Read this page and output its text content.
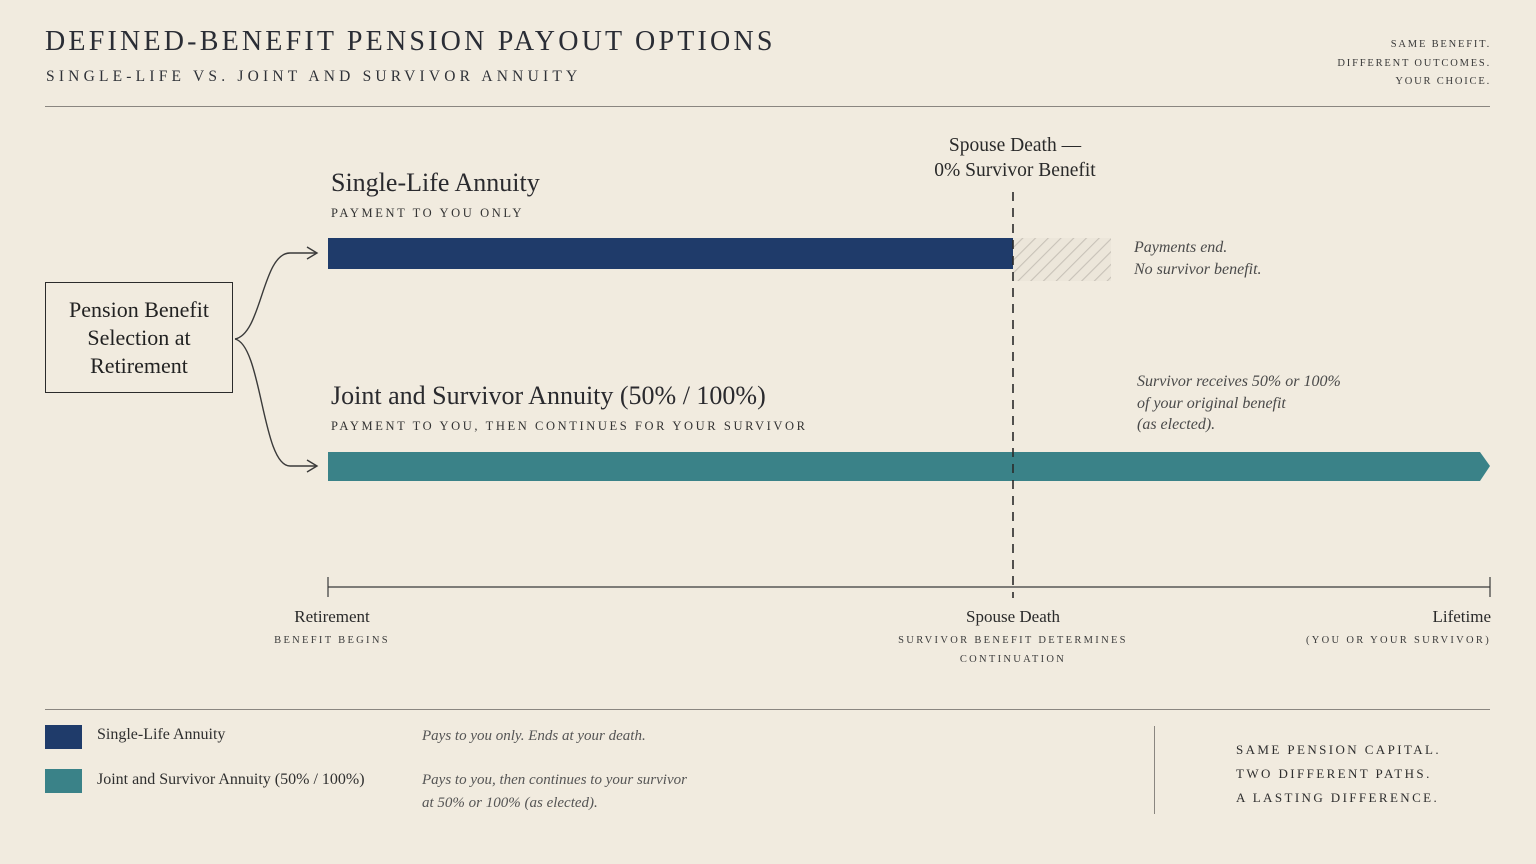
DEFINED-BENEFIT PENSION PAYOUT OPTIONS
SINGLE-LIFE VS. JOINT AND SURVIVOR ANNUITY
SAME BENEFIT.
DIFFERENT OUTCOMES.
YOUR CHOICE.
Pension Benefit Selection at Retirement
Single-Life Annuity
PAYMENT TO YOU ONLY
Payments end.
No survivor benefit.
Joint and Survivor Annuity (50% / 100%)
PAYMENT TO YOU, THEN CONTINUES FOR YOUR SURVIVOR
Survivor receives 50% or 100%
of your original benefit
(as elected).
Spouse Death —
0% Survivor Benefit
Retirement
BENEFIT BEGINS
Spouse Death
SURVIVOR BENEFIT DETERMINES
CONTINUATION
Lifetime
(YOU OR YOUR SURVIVOR)
Single-Life Annuity	Pays to you only. Ends at your death.
Joint and Survivor Annuity (50% / 100%)	Pays to you, then continues to your survivor
at 50% or 100% (as elected).
SAME PENSION CAPITAL.
TWO DIFFERENT PATHS.
A LASTING DIFFERENCE.
